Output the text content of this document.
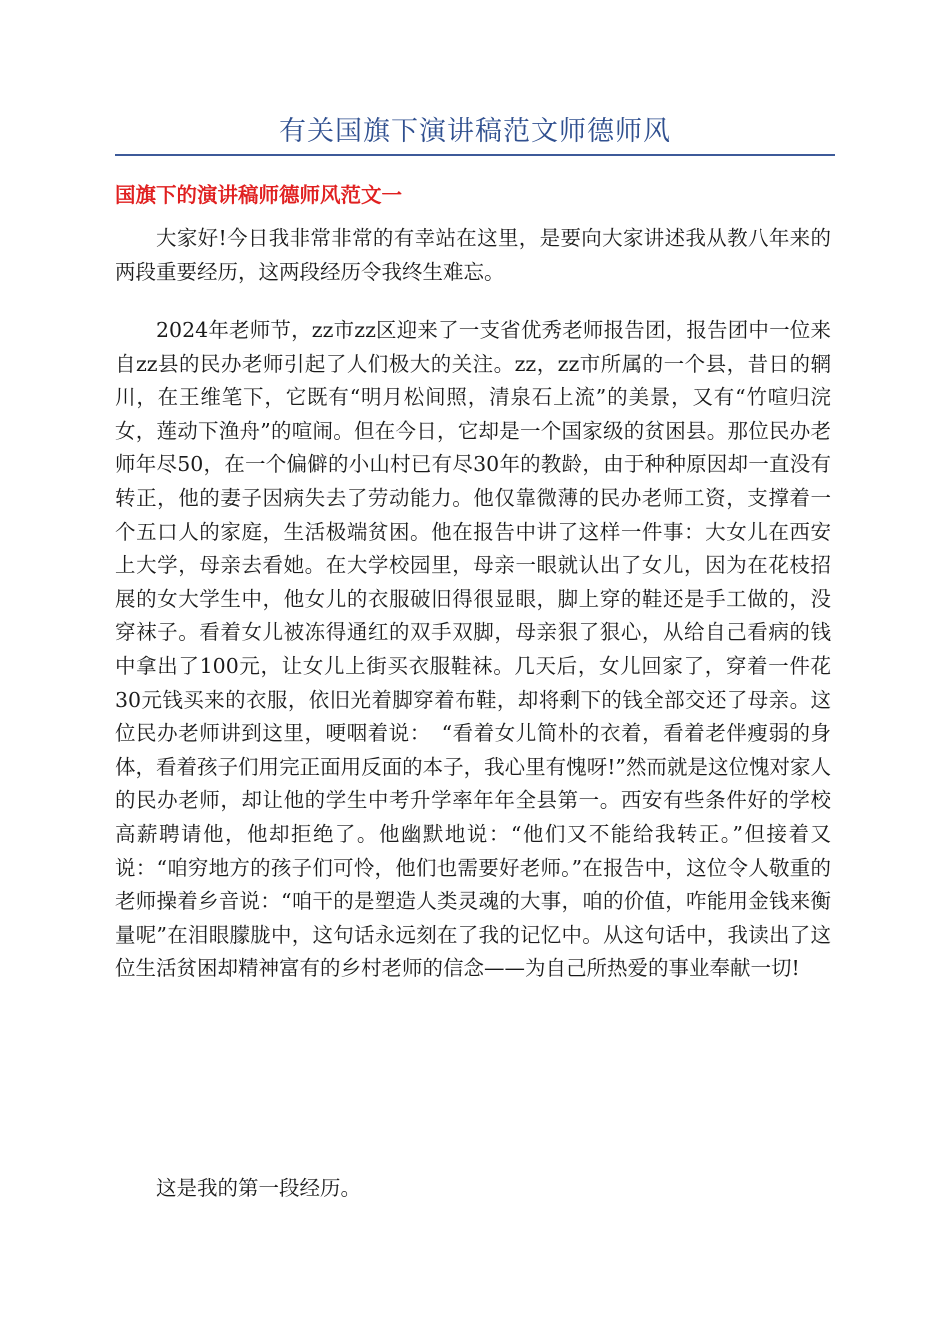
有关国旗下演讲稿范文师德师风
国旗下的演讲稿师德师风范文一

大家好!今日我非常非常的有幸站在这里，是要向大家讲述我从教八年来的两段重要经历，这两段经历令我终生难忘。

2024年老师节，zz市zz区迎来了一支省优秀老师报告团，报告团中一位来自zz县的民办老师引起了人们极大的关注。zz，zz市所属的一个县，昔日的辋川，在王维笔下，它既有“明月松间照，清泉石上流”的美景，又有“竹喧归浣女，莲动下渔舟”的喧闹。但在今日，它却是一个国家级的贫困县。那位民办老师年尽50，在一个偏僻的小山村已有尽30年的教龄，由于种种原因却一直没有转正，他的妻子因病失去了劳动能力。他仅靠微薄的民办老师工资，支撑着一个五口人的家庭，生活极端贫困。他在报告中讲了这样一件事：大女儿在西安上大学，母亲去看她。在大学校园里，母亲一眼就认出了女儿，因为在花枝招展的女大学生中，他女儿的衣服破旧得很显眼，脚上穿的鞋还是手工做的，没穿袜子。看着女儿被冻得通红的双手双脚，母亲狠了狠心，从给自己看病的钱中拿出了100元，让女儿上街买衣服鞋袜。几天后，女儿回家了，穿着一件花30元钱买来的衣服，依旧光着脚穿着布鞋，却将剩下的钱全部交还了母亲。这位民办老师讲到这里，哽咽着说：　“看着女儿简朴的衣着，看着老伴瘦弱的身体，看着孩子们用完正面用反面的本子，我心里有愧呀!”然而就是这位愧对家人的民办老师，却让他的学生中考升学率年年全县第一。西安有些条件好的学校高薪聘请他，他却拒绝了。他幽默地说：“他们又不能给我转正。”但接着又说：“咱穷地方的孩子们可怜，他们也需要好老师。”在报告中，这位令人敬重的老师操着乡音说：“咱干的是塑造人类灵魂的大事，咱的价值，咋能用金钱来衡量呢”在泪眼朦胧中，这句话永远刻在了我的记忆中。从这句话中，我读出了这位生活贫困却精神富有的乡村老师的信念——为自己所热爱的事业奉献一切!

这是我的第一段经历。
